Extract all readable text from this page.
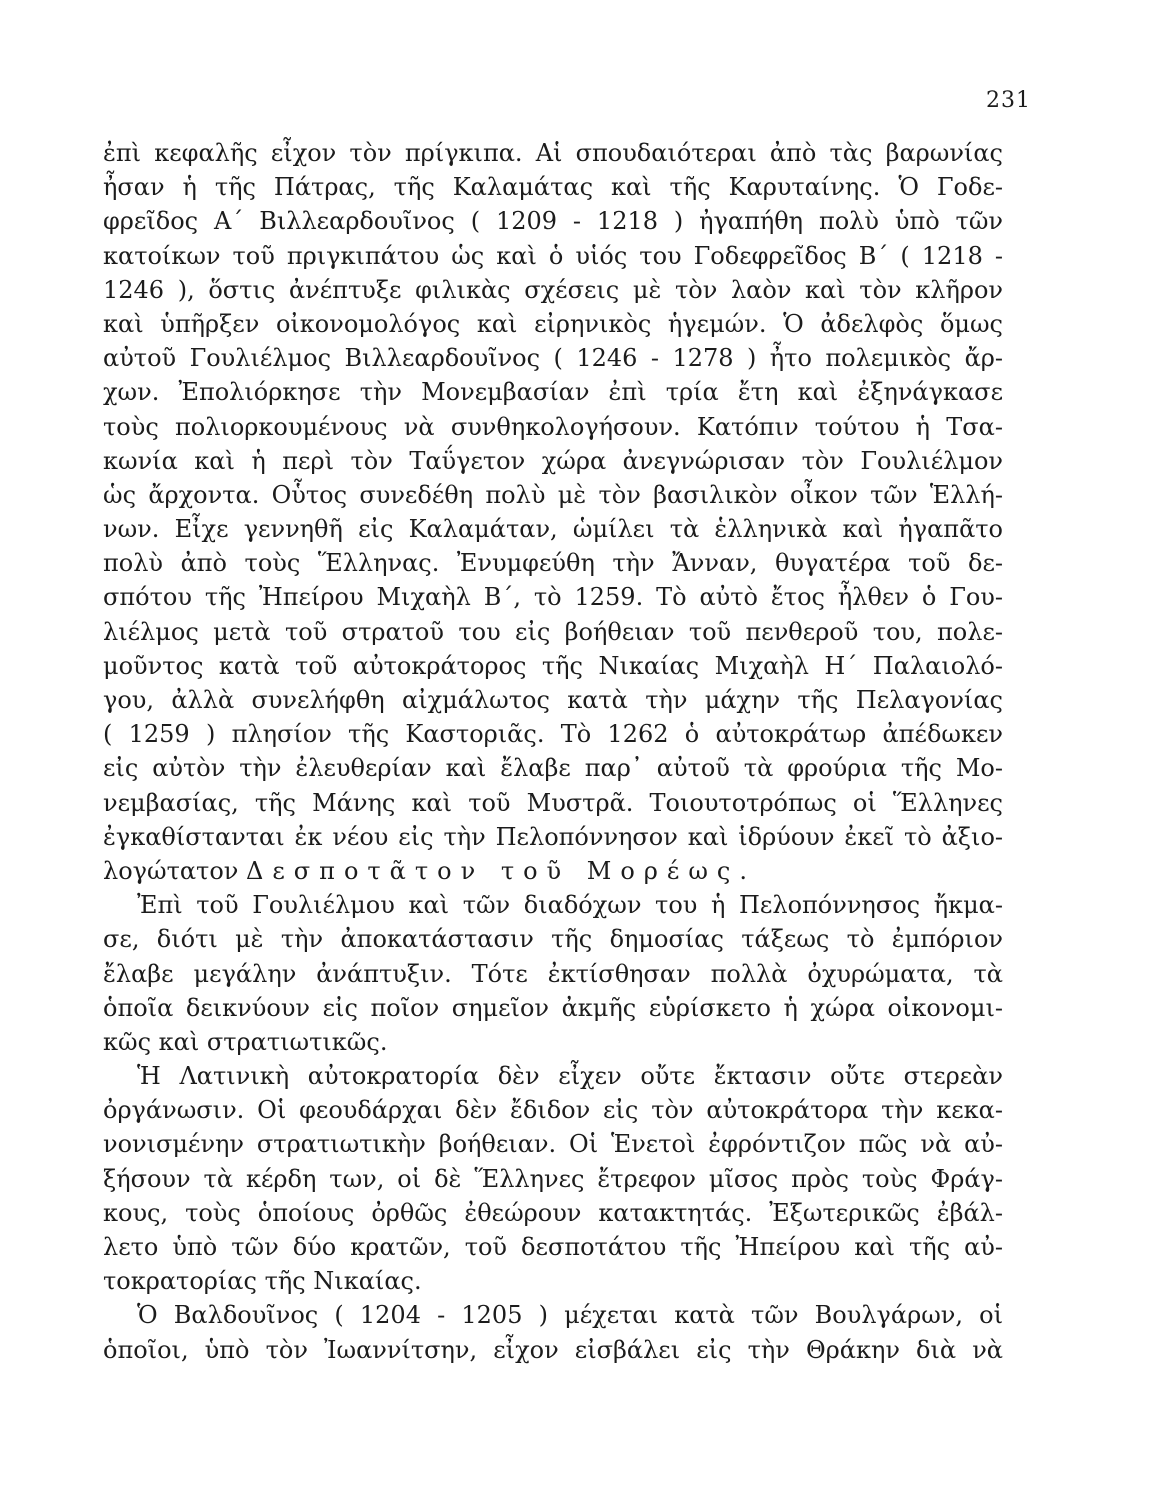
231
ἐπὶ κεφαλῆς εἶχον τὸν πρίγκιπα. Αἱ σπουδαιότεραι ἀπὸ τὰς βαρωνίας
ἦσαν ἡ τῆς Πάτρας, τῆς Καλαμάτας καὶ τῆς Καρυταίνης. Ὁ Γοδε-
φρεῖδος Α΄ Βιλλεαρδουῖνος ( 1209 - 1218 ) ἠγαπήθη πολὺ ὑπὸ τῶν
κατοίκων τοῦ πριγκιπάτου ὡς καὶ ὁ υἱός του Γοδεφρεῖδος Β΄ ( 1218 -
1246 ), ὅστις ἀνέπτυξε φιλικὰς σχέσεις μὲ τὸν λαὸν καὶ τὸν κλῆρον
καὶ ὑπῆρξεν οἰκονομολόγος καὶ εἰρηνικὸς ἡγεμών. Ὁ ἀδελφὸς ὅμως
αὐτοῦ Γουλιέλμος Βιλλεαρδουῖνος ( 1246 - 1278 ) ἦτο πολεμικὸς ἄρ-
χων. Ἐπολιόρκησε τὴν Μονεμβασίαν ἐπὶ τρία ἔτη καὶ ἐξηνάγκασε
τοὺς πολιορκουμένους νὰ συνθηκολογήσουν. Κατόπιν τούτου ἡ Τσα-
κωνία καὶ ἡ περὶ τὸν Ταΰγετον χώρα ἀνεγνώρισαν τὸν Γουλιέλμον
ὡς ἄρχοντα. Οὗτος συνεδέθη πολὺ μὲ τὸν βασιλικὸν οἶκον τῶν Ἑλλή-
νων. Εἶχε γεννηθῆ εἰς Καλαμάταν, ὡμίλει τὰ ἑλληνικὰ καὶ ἠγαπᾶτο
πολὺ ἀπὸ τοὺς Ἕλληνας. Ἐνυμφεύθη τὴν Ἄνναν, θυγατέρα τοῦ δε-
σπότου τῆς Ἠπείρου Μιχαὴλ Β΄, τὸ 1259. Τὸ αὐτὸ ἔτος ἦλθεν ὁ Γου-
λιέλμος μετὰ τοῦ στρατοῦ του εἰς βοήθειαν τοῦ πενθεροῦ του, πολε-
μοῦντος κατὰ τοῦ αὐτοκράτορος τῆς Νικαίας Μιχαὴλ Η΄ Παλαιολό-
γου, ἀλλὰ συνελήφθη αἰχμάλωτος κατὰ τὴν μάχην τῆς Πελαγονίας
( 1259 ) πλησίον τῆς Καστοριᾶς. Τὸ 1262 ὁ αὐτοκράτωρ ἀπέδωκεν
εἰς αὐτὸν τὴν ἐλευθερίαν καὶ ἔλαβε παρ᾽ αὐτοῦ τὰ φρούρια τῆς Μο-
νεμβασίας, τῆς Μάνης καὶ τοῦ Μυστρᾶ. Τοιουτοτρόπως οἱ Ἕλληνες
ἐγκαθίστανται ἐκ νέου εἰς τὴν Πελοπόννησον καὶ ἱδρύουν ἐκεῖ τὸ ἀξιο-
λογώτατον Δεσποτᾶτον τοῦ Μορέως.
Ἐπὶ τοῦ Γουλιέλμου καὶ τῶν διαδόχων του ἡ Πελοπόννησος ἤκμα-
σε, διότι μὲ τὴν ἀποκατάστασιν τῆς δημοσίας τάξεως τὸ ἐμπόριον
ἔλαβε μεγάλην ἀνάπτυξιν. Τότε ἐκτίσθησαν πολλὰ ὀχυρώματα, τὰ
ὁποῖα δεικνύουν εἰς ποῖον σημεῖον ἀκμῆς εὑρίσκετο ἡ χώρα οἰκονομι-
κῶς καὶ στρατιωτικῶς.
Ἡ Λατινικὴ αὐτοκρατορία δὲν εἶχεν οὔτε ἔκτασιν οὔτε στερεὰν
ὀργάνωσιν. Οἱ φεουδάρχαι δὲν ἔδιδον εἰς τὸν αὐτοκράτορα τὴν κεκα-
νονισμένην στρατιωτικὴν βοήθειαν. Οἱ Ἑνετοὶ ἐφρόντιζον πῶς νὰ αὐ-
ξήσουν τὰ κέρδη των, οἱ δὲ Ἕλληνες ἔτρεφον μῖσος πρὸς τοὺς Φράγ-
κους, τοὺς ὁποίους ὀρθῶς ἐθεώρουν κατακτητάς. Ἐξωτερικῶς ἐβάλ-
λετο ὑπὸ τῶν δύο κρατῶν, τοῦ δεσποτάτου τῆς Ἠπείρου καὶ τῆς αὐ-
τοκρατορίας τῆς Νικαίας.
Ὁ Βαλδουῖνος ( 1204 - 1205 ) μέχεται κατὰ τῶν Βουλγάρων, οἱ
ὁποῖοι, ὑπὸ τὸν Ἰωαννίτσην, εἶχον εἰσβάλει εἰς τὴν Θράκην διὰ νὰ
